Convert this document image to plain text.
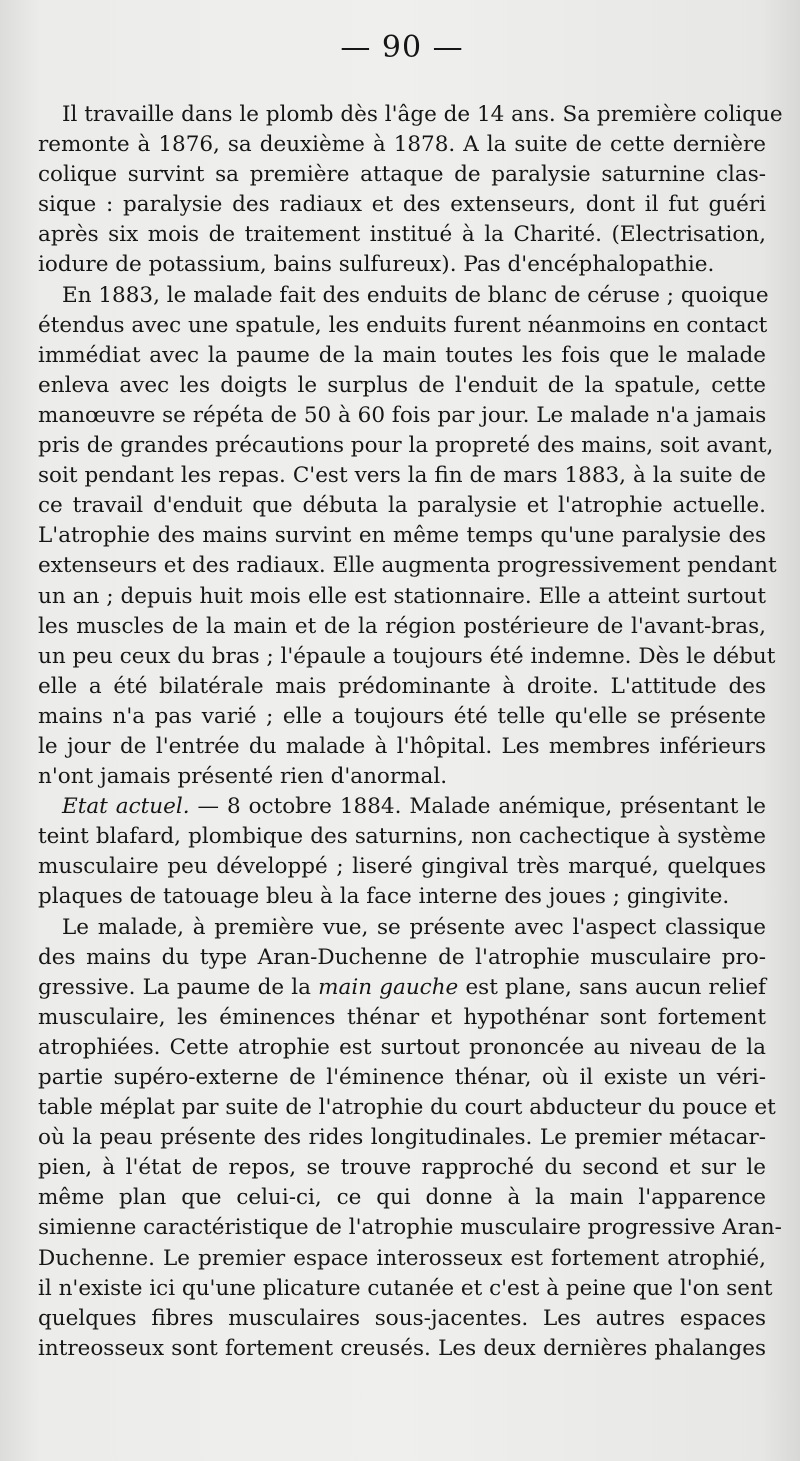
— 90 —
Il travaille dans le plomb dès l'âge de 14 ans. Sa première colique
remonte à 1876, sa deuxième à 1878. A la suite de cette dernière
colique survint sa première attaque de paralysie saturnine clas-
sique : paralysie des radiaux et des extenseurs, dont il fut guéri
après six mois de traitement institué à la Charité. (Electrisation,
iodure de potassium, bains sulfureux). Pas d'encéphalopathie.
En 1883, le malade fait des enduits de blanc de céruse ; quoique
étendus avec une spatule, les enduits furent néanmoins en contact
immédiat avec la paume de la main toutes les fois que le malade
enleva avec les doigts le surplus de l'enduit de la spatule, cette
manœuvre se répéta de 50 à 60 fois par jour. Le malade n'a jamais
pris de grandes précautions pour la propreté des mains, soit avant,
soit pendant les repas. C'est vers la fin de mars 1883, à la suite de
ce travail d'enduit que débuta la paralysie et l'atrophie actuelle.
L'atrophie des mains survint en même temps qu'une paralysie des
extenseurs et des radiaux. Elle augmenta progressivement pendant
un an ; depuis huit mois elle est stationnaire. Elle a atteint surtout
les muscles de la main et de la région postérieure de l'avant-bras,
un peu ceux du bras ; l'épaule a toujours été indemne. Dès le début
elle a été bilatérale mais prédominante à droite. L'attitude des
mains n'a pas varié ; elle a toujours été telle qu'elle se présente
le jour de l'entrée du malade à l'hôpital. Les membres inférieurs
n'ont jamais présenté rien d'anormal.
Etat actuel. — 8 octobre 1884. Malade anémique, présentant le
teint blafard, plombique des saturnins, non cachectique à système
musculaire peu développé ; liseré gingival très marqué, quelques
plaques de tatouage bleu à la face interne des joues ; gingivite.
Le malade, à première vue, se présente avec l'aspect classique
des mains du type Aran-Duchenne de l'atrophie musculaire pro-
gressive. La paume de la main gauche est plane, sans aucun relief
musculaire, les éminences thénar et hypothénar sont fortement
atrophiées. Cette atrophie est surtout prononcée au niveau de la
partie supéro-externe de l'éminence thénar, où il existe un véri-
table méplat par suite de l'atrophie du court abducteur du pouce et
où la peau présente des rides longitudinales. Le premier métacar-
pien, à l'état de repos, se trouve rapproché du second et sur le
même plan que celui-ci, ce qui donne à la main l'apparence
simienne caractéristique de l'atrophie musculaire progressive Aran-
Duchenne. Le premier espace interosseux est fortement atrophié,
il n'existe ici qu'une plicature cutanée et c'est à peine que l'on sent
quelques fibres musculaires sous-jacentes. Les autres espaces
intreosseux sont fortement creusés. Les deux dernières phalanges
